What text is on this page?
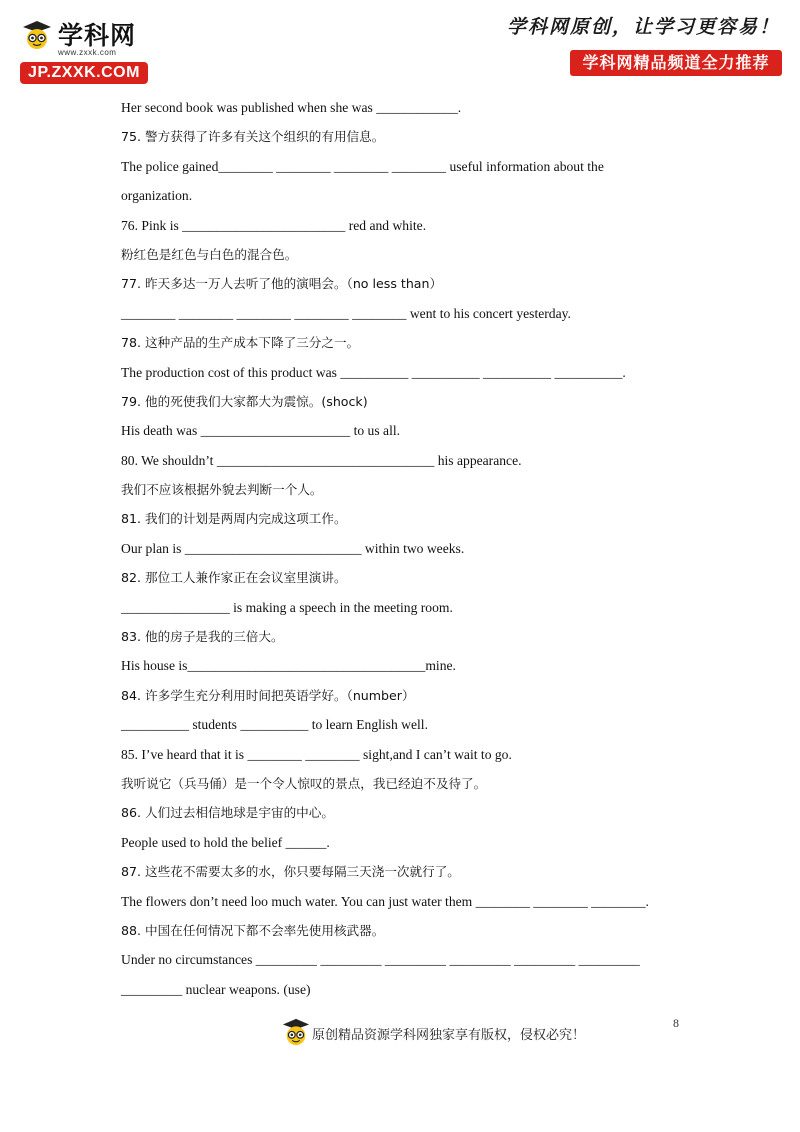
学科网
www.zxxk.com
JP.ZXXK.COM
学科网原创，让学习更容易！
学科网精品频道全力推荐
Her second book was published when she was ____________.
75. 警方获得了许多有关这个组织的有用信息。
The police gained________ ________ ________ ________ useful information about the
organization.
76. Pink is ________________________ red and white.
粉红色是红色与白色的混合色。
77. 昨天多达一万人去听了他的演唱会。（no less than）
________ ________ ________ ________ ________ went to his concert yesterday.
78. 这种产品的生产成本下降了三分之一。
The production cost of this product was __________ __________ __________ __________.
79. 他的死使我们大家都大为震惊。(shock)
His death was ______________________ to us all.
80. We shouldn’t ________________________________ his appearance.
我们不应该根据外貌去判断一个人。
81. 我们的计划是两周内完成这项工作。
Our plan is __________________________ within two weeks.
82. 那位工人兼作家正在会议室里演讲。
________________ is making a speech in the meeting room.
83. 他的房子是我的三倍大。
His house is___________________________________mine.
84. 许多学生充分利用时间把英语学好。（number）
__________ students __________ to learn English well.
85. I’ve heard that it is ________ ________ sight,and I can’t wait to go.
我听说它（兵马俑）是一个令人惊叹的景点，我已经迫不及待了。
86. 人们过去相信地球是宇宙的中心。
People used to hold the belief ______.
87. 这些花不需要太多的水，你只要每隔三天浇一次就行了。
The flowers don’t need loo much water. You can just water them ________ ________ ________.
88. 中国在任何情况下都不会率先使用核武器。
Under no circumstances _________ _________ _________ _________ _________ _________
_________ nuclear weapons. (use)
原创精品资源学科网独家享有版权，侵权必究！
8
